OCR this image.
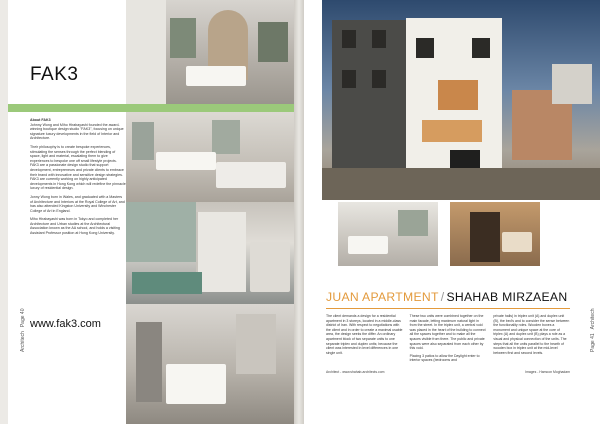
FAK3
About FAK3

Johnny Wong and Miho Hirabayashi founded the award-winning boutique design studio "FAK3", focusing on unique signature luxury developments in the field of Interior and Architecture.

Their philosophy is to create bespoke experiences, stimulating the senses through the perfect blending of space, light and material, escalating them to give experiences to bespoke one off small lifestyle projects. FAK3 are a passionate design studio that support development, entrepreneurs and private clients to embrace their brand with innovative and sensitive design strategies. FAK3 are currently working on highly anticipated developments in Hong Kong which will redefine the pinnacle luxury of residential design.

Jonny Wong born in Wales, and graduated with a Masters of Architecture and Interiors at the Royal College of Art, and has also attended Kingston University and Winchester College of Art in England.

Miho Hirabayashi was born in Tokyo and completed her Architecture and Urban studies at the Architectural Association known as the AA school, and holds a visiting Assistant Professor position at Hong Kong University.

www.fak3.com
ArchitechPage 40
JUAN APARTMENT / SHAHAB MIRZAEAN

The client demands a design for a residential apartment in 3 storeys, located in a middle-class district of Iran. With respect to negotiations with the client and in order to create a maximal usable area, the design seeks the differ. An ordinary apartment block of two separate units to one separate triplex and duplex units; because the client was interested in level differences in one single unit.

These two units were combined together on the main facade, letting maximum natural light in from the street. In the triplex unit, a central void was placed in the heart of the building to connect all the spaces together and to make all the spaces visible from there. The public and private spaces were also separated from each other by this void.

Placing 3 patios to allow the Daylight enter to interior spaces (bedrooms and

private halls) in triplex unit (A) and duplex unit (B), the bed's and to consider the sense between the functionality roles. Wooden boxes a monument and unique space at the core of triplex (A) and duplex unit (B) plays a role as a visual and physical connection of the units. The steps that all the units parallel to the hearth of wooden box in triplex unit at the mid-level between first and second levels.

Architect - www.shahab-architects.com	Images - Hamoon Moghadam
Page 41Architech
